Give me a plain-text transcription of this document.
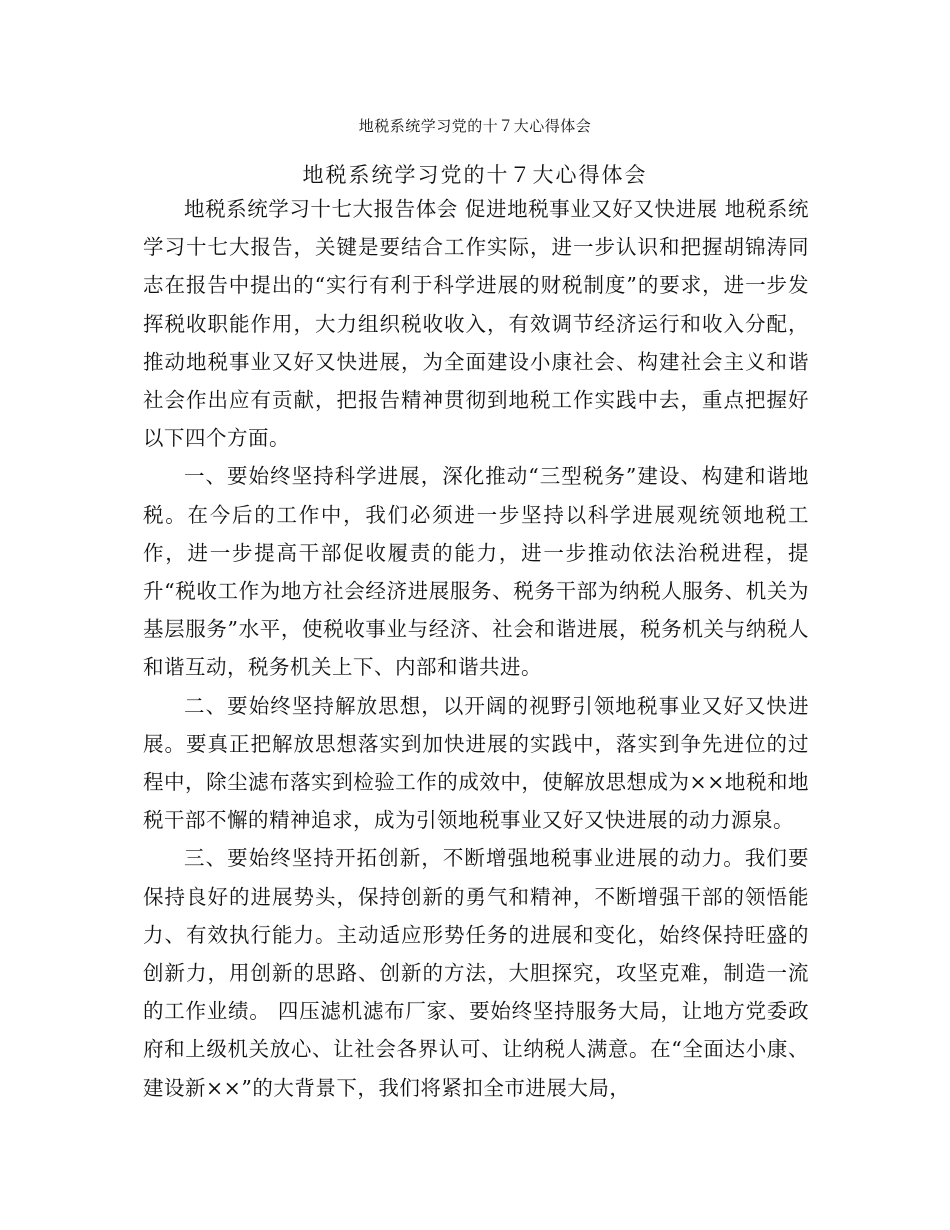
地税系统学习党的十７大心得体会
地税系统学习党的十７大心得体会

地税系统学习十七大报告体会 促进地税事业又好又快进展 地税系统学习十七大报告，关键是要结合工作实际，进一步认识和把握胡锦涛同志在报告中提出的“实行有利于科学进展的财税制度”的要求，进一步发挥税收职能作用，大力组织税收收入，有效调节经济运行和收入分配，推动地税事业又好又快进展，为全面建设小康社会、构建社会主义和谐社会作出应有贡献，把报告精神贯彻到地税工作实践中去，重点把握好以下四个方面。

一、要始终坚持科学进展，深化推动“三型税务”建设、构建和谐地税。在今后的工作中，我们必须进一步坚持以科学进展观统领地税工作，进一步提高干部促收履责的能力，进一步推动依法治税进程，提升“税收工作为地方社会经济进展服务、税务干部为纳税人服务、机关为基层服务”水平，使税收事业与经济、社会和谐进展，税务机关与纳税人和谐互动，税务机关上下、内部和谐共进。

二、要始终坚持解放思想，以开阔的视野引领地税事业又好又快进展。要真正把解放思想落实到加快进展的实践中，落实到争先进位的过程中，除尘滤布落实到检验工作的成效中，使解放思想成为××地税和地税干部不懈的精神追求，成为引领地税事业又好又快进展的动力源泉。

三、要始终坚持开拓创新，不断增强地税事业进展的动力。我们要保持良好的进展势头，保持创新的勇气和精神，不断增强干部的领悟能力、有效执行能力。主动适应形势任务的进展和变化，始终保持旺盛的创新力，用创新的思路、创新的方法，大胆探究，攻坚克难，制造一流的工作业绩。 四压滤机滤布厂家、要始终坚持服务大局，让地方党委政府和上级机关放心、让社会各界认可、让纳税人满意。在“全面达小康、建设新××”的大背景下，我们将紧扣全市进展大局，
